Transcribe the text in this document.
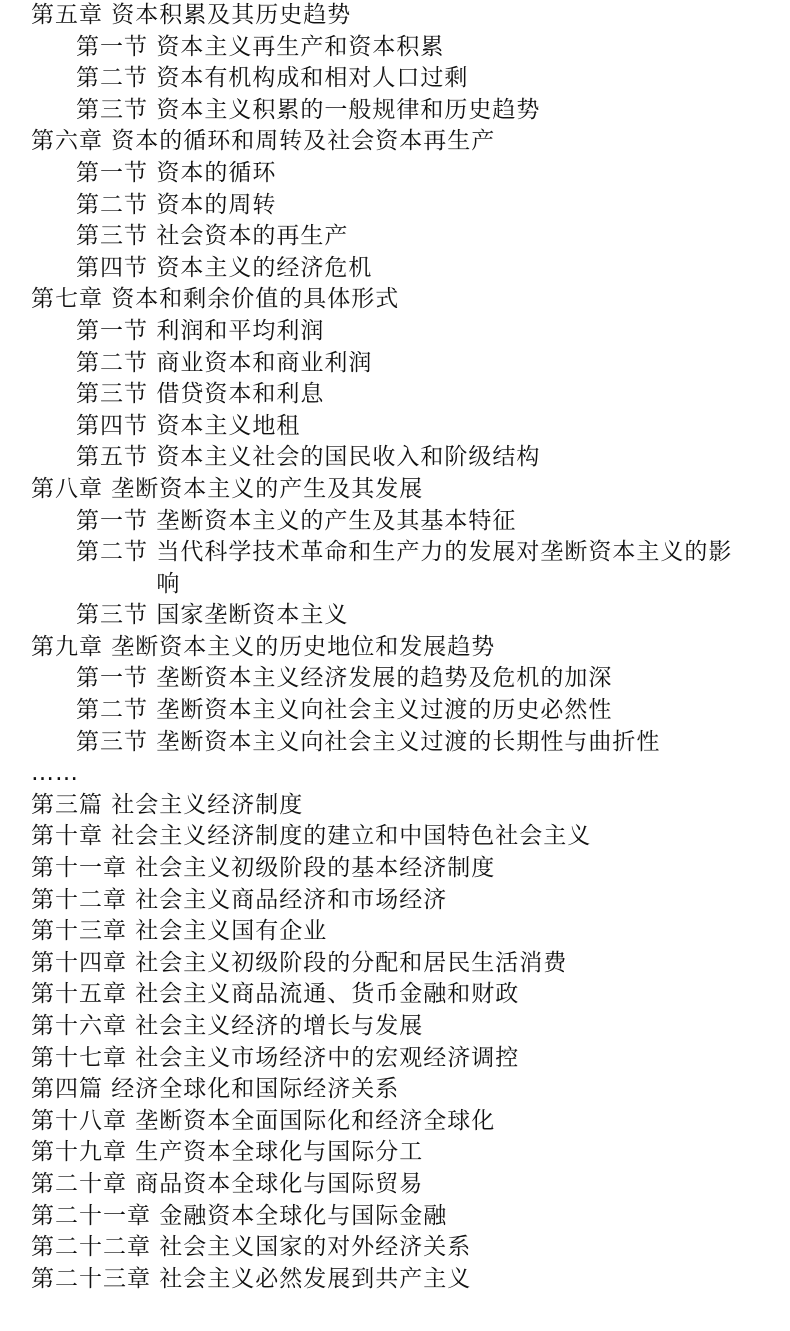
第五章 资本积累及其历史趋势
第一节
资本主义再生产和资本积累
第二节
资本有机构成和相对人口过剩
第三节
资本主义积累的一般规律和历史趋势
第六章 资本的循环和周转及社会资本再生产
第一节
资本的循环
第二节
资本的周转
第三节
社会资本的再生产
第四节
资本主义的经济危机
第七章 资本和剩余价值的具体形式
第一节
利润和平均利润
第二节
商业资本和商业利润
第三节
借贷资本和利息
第四节
资本主义地租
第五节
资本主义社会的国民收入和阶级结构
第八章 垄断资本主义的产生及其发展
第一节
垄断资本主义的产生及其基本特征
第二节
当代科学技术革命和生产力的发展对垄断资本主义的影响
第三节
国家垄断资本主义
第九章 垄断资本主义的历史地位和发展趋势
第一节
垄断资本主义经济发展的趋势及危机的加深
第二节
垄断资本主义向社会主义过渡的历史必然性
第三节
垄断资本主义向社会主义过渡的长期性与曲折性
……
第三篇 社会主义经济制度
第十章 社会主义经济制度的建立和中国特色社会主义
第十一章 社会主义初级阶段的基本经济制度
第十二章 社会主义商品经济和市场经济
第十三章 社会主义国有企业
第十四章 社会主义初级阶段的分配和居民生活消费
第十五章 社会主义商品流通、货币金融和财政
第十六章 社会主义经济的增长与发展
第十七章 社会主义市场经济中的宏观经济调控
第四篇 经济全球化和国际经济关系
第十八章 垄断资本全面国际化和经济全球化
第十九章 生产资本全球化与国际分工
第二十章 商品资本全球化与国际贸易
第二十一章 金融资本全球化与国际金融
第二十二章 社会主义国家的对外经济关系
第二十三章 社会主义必然发展到共产主义
